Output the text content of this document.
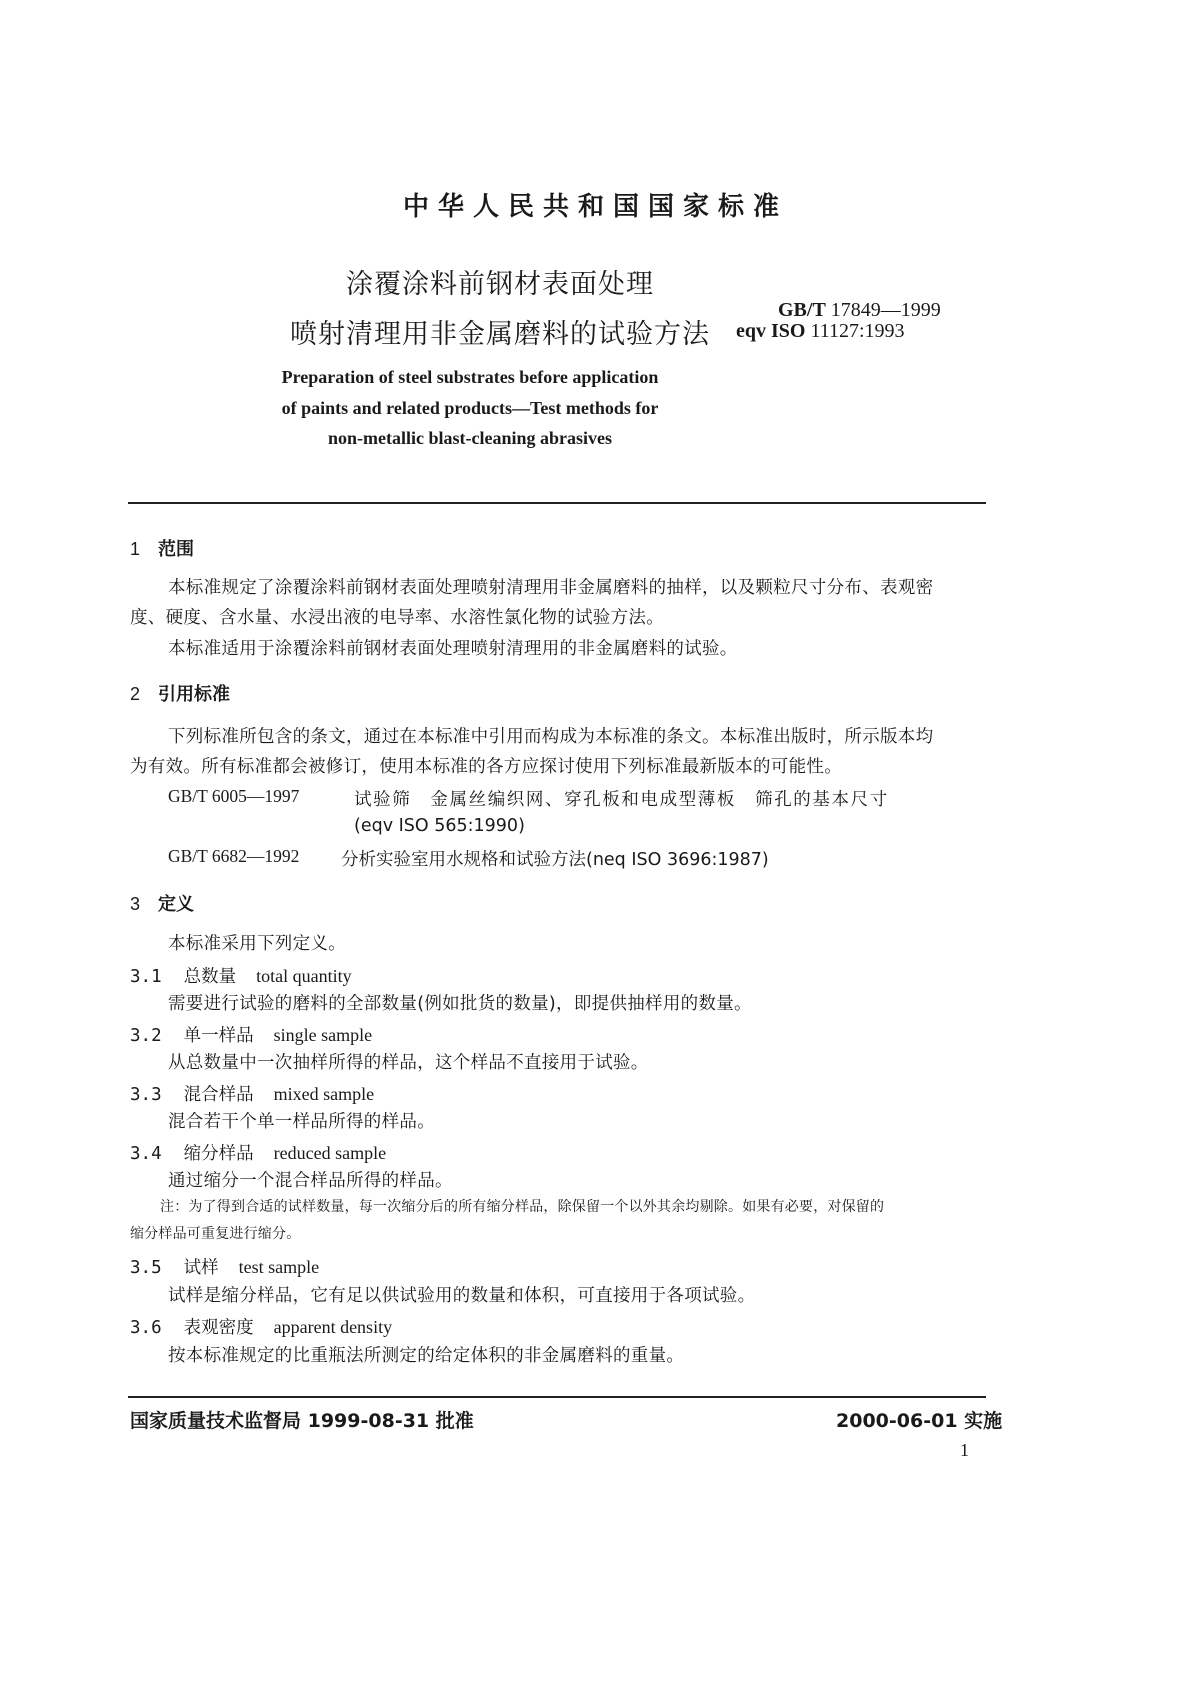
中华人民共和国国家标准
涂覆涂料前钢材表面处理
喷射清理用非金属磨料的试验方法
GB/T 17849—1999
eqv ISO 11127:1993
Preparation of steel substrates before application
of paints and related products—Test methods for
non-metallic blast-cleaning abrasives
1 范围
本标准规定了涂覆涂料前钢材表面处理喷射清理用非金属磨料的抽样，以及颗粒尺寸分布、表观密
度、硬度、含水量、水浸出液的电导率、水溶性氯化物的试验方法。
本标准适用于涂覆涂料前钢材表面处理喷射清理用的非金属磨料的试验。
2 引用标准
下列标准所包含的条文，通过在本标准中引用而构成为本标准的条文。本标准出版时，所示版本均
为有效。所有标准都会被修订，使用本标准的各方应探讨使用下列标准最新版本的可能性。
GB/T 6005—1997	试验筛　金属丝编织网、穿孔板和电成型薄板　筛孔的基本尺寸
(eqv ISO 565:1990)
GB/T 6682—1992 分析实验室用水规格和试验方法(neq ISO 3696:1987)
3 定义
本标准采用下列定义。
3.1 总数量 total quantity
需要进行试验的磨料的全部数量(例如批货的数量)，即提供抽样用的数量。
3.2 单一样品 single sample
从总数量中一次抽样所得的样品，这个样品不直接用于试验。
3.3 混合样品 mixed sample
混合若干个单一样品所得的样品。
3.4 缩分样品 reduced sample
通过缩分一个混合样品所得的样品。
注：为了得到合适的试样数量，每一次缩分后的所有缩分样品，除保留一个以外其余均剔除。如果有必要，对保留的
缩分样品可重复进行缩分。
3.5 试样 test sample
试样是缩分样品，它有足以供试验用的数量和体积，可直接用于各项试验。
3.6 表观密度 apparent density
按本标准规定的比重瓶法所测定的给定体积的非金属磨料的重量。
国家质量技术监督局 1999-08-31 批准	2000-06-01 实施
1
